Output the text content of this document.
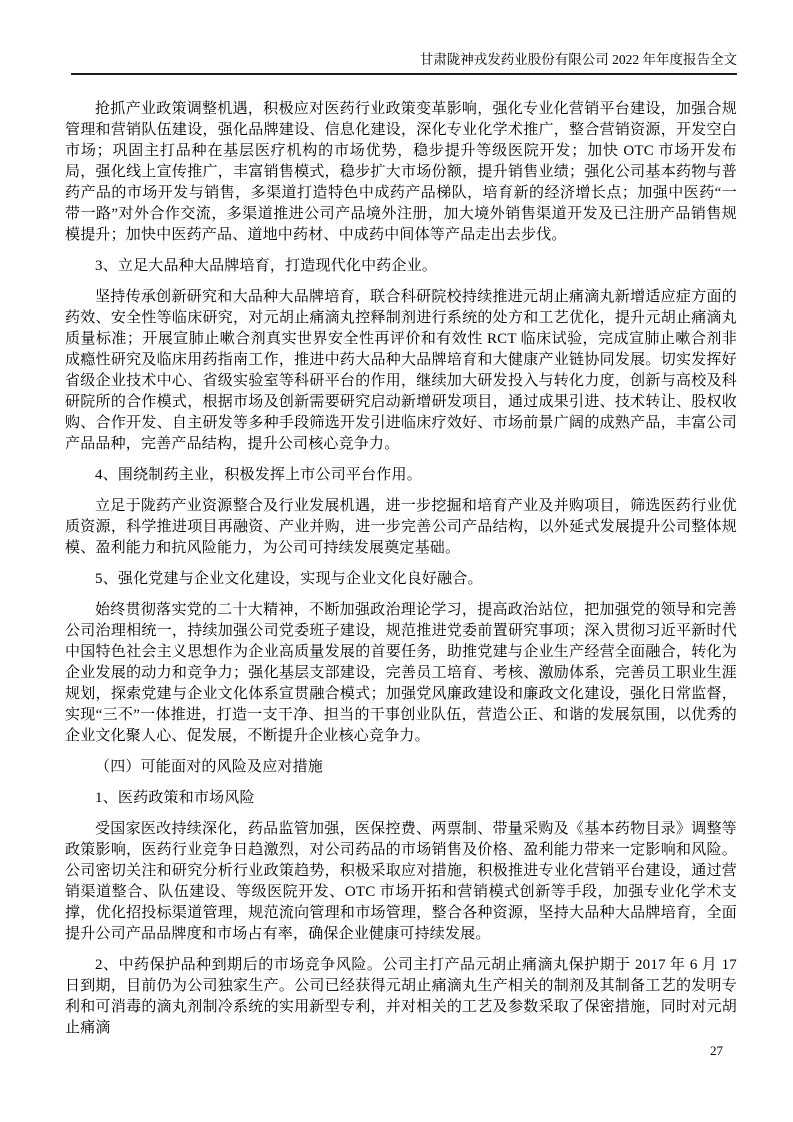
甘肃陇神戎发药业股份有限公司 2022 年年度报告全文

抢抓产业政策调整机遇，积极应对医药行业政策变革影响，强化专业化营销平台建设，加强合规管理和营销队伍建设，强化品牌建设、信息化建设，深化专业化学术推广，整合营销资源，开发空白市场；巩固主打品种在基层医疗机构的市场优势，稳步提升等级医院开发；加快 OTC 市场开发布局，强化线上宣传推广，丰富销售模式，稳步扩大市场份额，提升销售业绩；强化公司基本药物与普药产品的市场开发与销售，多渠道打造特色中成药产品梯队，培育新的经济增长点；加强中医药“一带一路”对外合作交流，多渠道推进公司产品境外注册，加大境外销售渠道开发及已注册产品销售规模提升；加快中医药产品、道地中药材、中成药中间体等产品走出去步伐。

3、立足大品种大品牌培育，打造现代化中药企业。

坚持传承创新研究和大品种大品牌培育，联合科研院校持续推进元胡止痛滴丸新增适应症方面的药效、安全性等临床研究，对元胡止痛滴丸控释制剂进行系统的处方和工艺优化，提升元胡止痛滴丸质量标准；开展宣肺止嗽合剂真实世界安全性再评价和有效性 RCT 临床试验，完成宣肺止嗽合剂非成瘾性研究及临床用药指南工作，推进中药大品种大品牌培育和大健康产业链协同发展。切实发挥好省级企业技术中心、省级实验室等科研平台的作用，继续加大研发投入与转化力度，创新与高校及科研院所的合作模式，根据市场及创新需要研究启动新增研发项目，通过成果引进、技术转让、股权收购、合作开发、自主研发等多种手段筛选开发引进临床疗效好、市场前景广阔的成熟产品，丰富公司产品品种，完善产品结构，提升公司核心竞争力。

4、围绕制药主业，积极发挥上市公司平台作用。

立足于陇药产业资源整合及行业发展机遇，进一步挖掘和培育产业及并购项目，筛选医药行业优质资源，科学推进项目再融资、产业并购，进一步完善公司产品结构，以外延式发展提升公司整体规模、盈利能力和抗风险能力，为公司可持续发展奠定基础。

5、强化党建与企业文化建设，实现与企业文化良好融合。

始终贯彻落实党的二十大精神，不断加强政治理论学习，提高政治站位，把加强党的领导和完善公司治理相统一，持续加强公司党委班子建设，规范推进党委前置研究事项；深入贯彻习近平新时代中国特色社会主义思想作为企业高质量发展的首要任务，助推党建与企业生产经营全面融合，转化为企业发展的动力和竞争力；强化基层支部建设，完善员工培育、考核、激励体系，完善员工职业生涯规划，探索党建与企业文化体系宣贯融合模式；加强党风廉政建设和廉政文化建设，强化日常监督，实现“三不”一体推进，打造一支干净、担当的干事创业队伍，营造公正、和谐的发展氛围，以优秀的企业文化聚人心、促发展，不断提升企业核心竞争力。

（四）可能面对的风险及应对措施

1、医药政策和市场风险

受国家医改持续深化，药品监管加强，医保控费、两票制、带量采购及《基本药物目录》调整等政策影响，医药行业竞争日趋激烈，对公司药品的市场销售及价格、盈利能力带来一定影响和风险。公司密切关注和研究分析行业政策趋势，积极采取应对措施，积极推进专业化营销平台建设，通过营销渠道整合、队伍建设、等级医院开发、OTC 市场开拓和营销模式创新等手段，加强专业化学术支撑，优化招投标渠道管理，规范流向管理和市场管理，整合各种资源，坚持大品种大品牌培育，全面提升公司产品品牌度和市场占有率，确保企业健康可持续发展。

2、中药保护品种到期后的市场竞争风险。公司主打产品元胡止痛滴丸保护期于 2017 年 6 月 17 日到期，目前仍为公司独家生产。公司已经获得元胡止痛滴丸生产相关的制剂及其制备工艺的发明专利和可消毒的滴丸剂制冷系统的实用新型专利，并对相关的工艺及参数采取了保密措施，同时对元胡止痛滴

27
